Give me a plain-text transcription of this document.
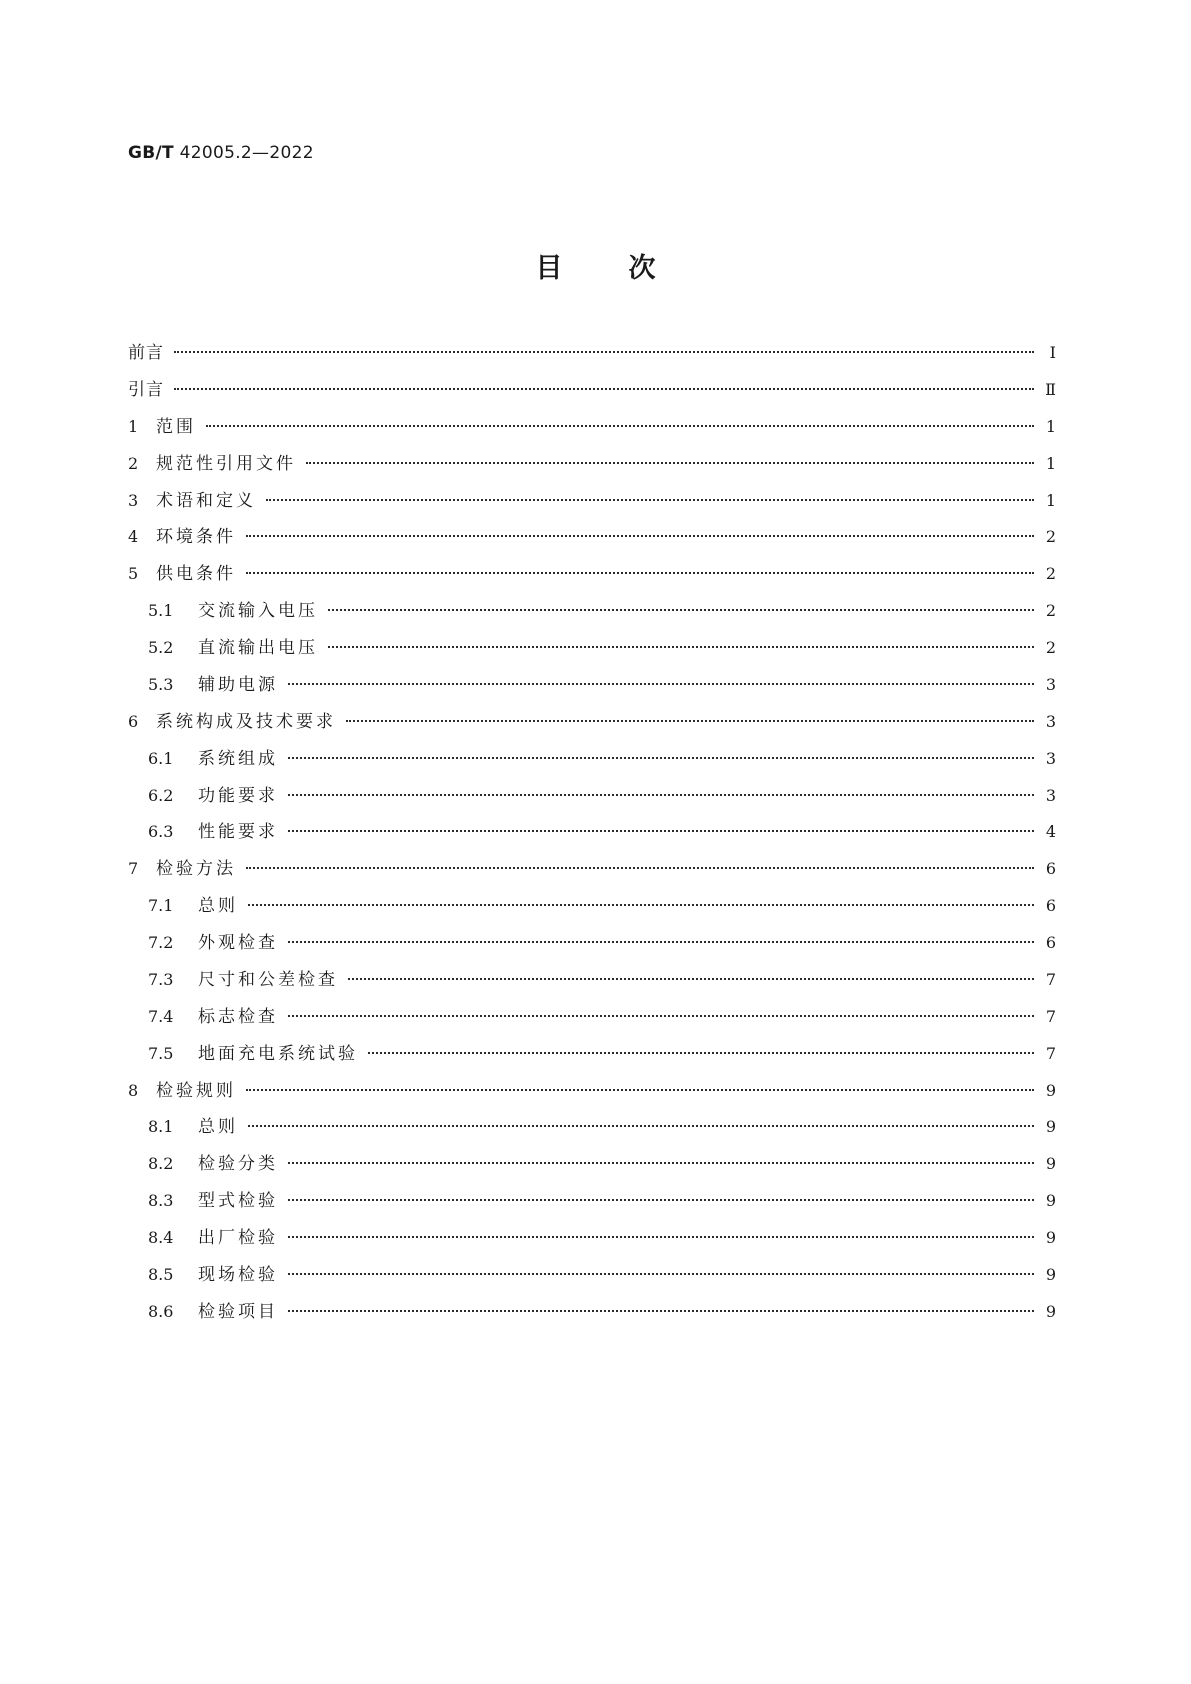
GB/T 42005.2—2022
目 次
前言	Ⅰ
引言	Ⅱ
1	范围	1
2	规范性引用文件	1
3	术语和定义	1
4	环境条件	2
5	供电条件	2
5.1	交流输入电压	2
5.2	直流输出电压	2
5.3	辅助电源	3
6	系统构成及技术要求	3
6.1	系统组成	3
6.2	功能要求	3
6.3	性能要求	4
7	检验方法	6
7.1	总则	6
7.2	外观检查	6
7.3	尺寸和公差检查	7
7.4	标志检查	7
7.5	地面充电系统试验	7
8	检验规则	9
8.1	总则	9
8.2	检验分类	9
8.3	型式检验	9
8.4	出厂检验	9
8.5	现场检验	9
8.6	检验项目	9
